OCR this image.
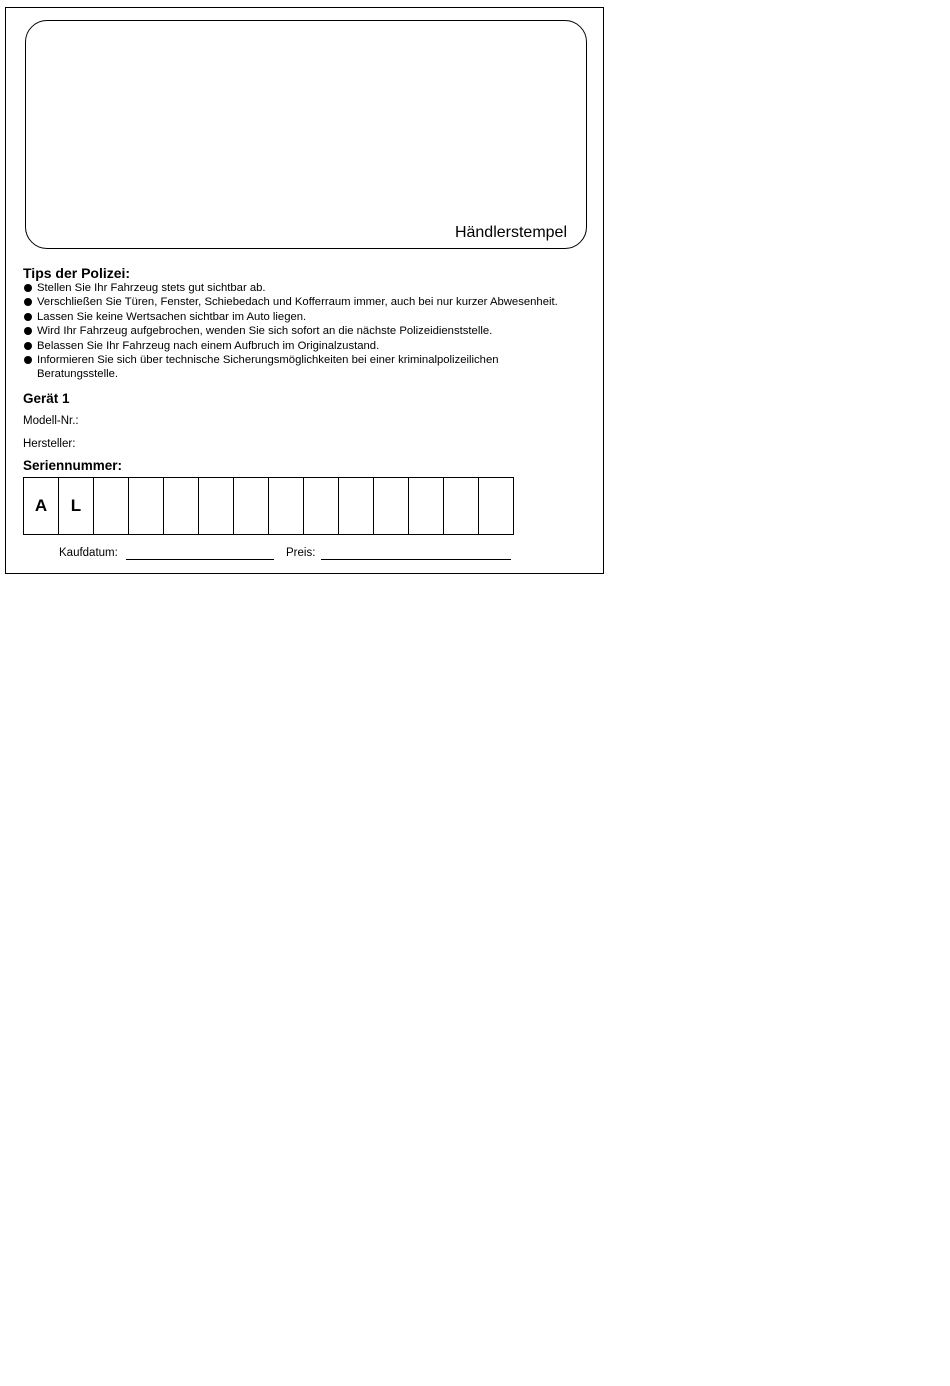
Händlerstempel
Tips der Polizei:
Stellen Sie Ihr Fahrzeug stets gut sichtbar ab.
Verschließen Sie Türen, Fenster, Schiebedach und Kofferraum immer, auch bei nur kurzer Abwesenheit.
Lassen Sie keine Wertsachen sichtbar im Auto liegen.
Wird Ihr Fahrzeug aufgebrochen, wenden Sie sich sofort an die nächste Polizeidienststelle.
Belassen Sie Ihr Fahrzeug nach einem Aufbruch im Originalzustand.
Informieren Sie sich über technische Sicherungsmöglichkeiten bei einer kriminalpolizeilichen Beratungsstelle.
Gerät 1
Modell-Nr.:
Hersteller:
Seriennummer:
A	L
Kaufdatum:	Preis:
